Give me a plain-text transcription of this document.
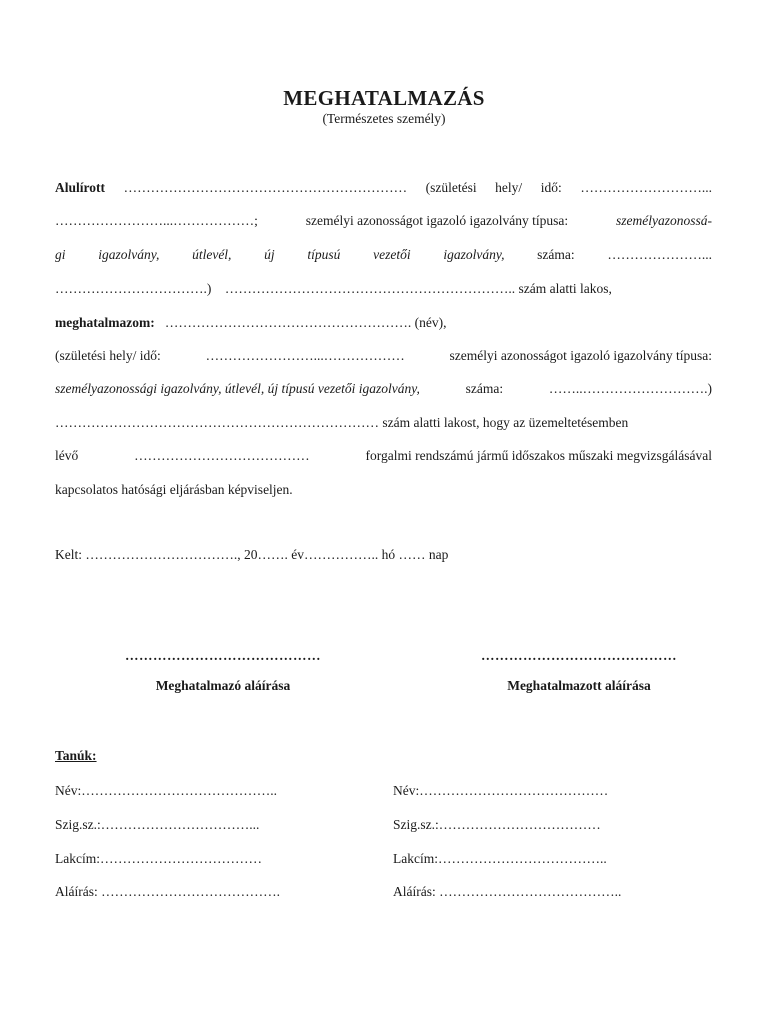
MEGHATALMAZÁS
(Természetes személy)
Alulírott ……………………………………………………… (születési hely/ idő: ………………………...
……………………...………………;	személyi azonosságot igazoló igazolvány típusa:	személyazonossá-
gi igazolvány, útlevél, új típusú vezetői igazolvány, száma: …………………...
…………………………….) ……………………………………………………….. szám alatti lakos,
meghatalmazom: ………………………………………………. (név),
(születési hely/ idő:	……………………...………………	személyi azonosságot igazoló igazolvány típusa:
személyazonossági igazolvány, útlevél, új típusú vezetői igazolvány,	száma:	……..……………………….)
……………………………………………………………… szám alatti lakost, hogy az üzemeltetésemben
lévő	…………………………………	forgalmi rendszámú jármű időszakos műszaki megvizsgálásával
kapcsolatos hatósági eljárásban képviseljen.
Kelt: ……………………………., 20……. év…………….. hó …… nap
……………………………………
Meghatalmazó aláírása
……………………………………
Meghatalmazott aláírása
Tanúk:
Név:……………………………………..
Szig.sz.:……………………………...
Lakcím:………………………………
Aláírás: ………………………………….
Név:……………………………………
Szig.sz.:………………………………
Lakcím:………………………………..
Aláírás: …………………………………..
